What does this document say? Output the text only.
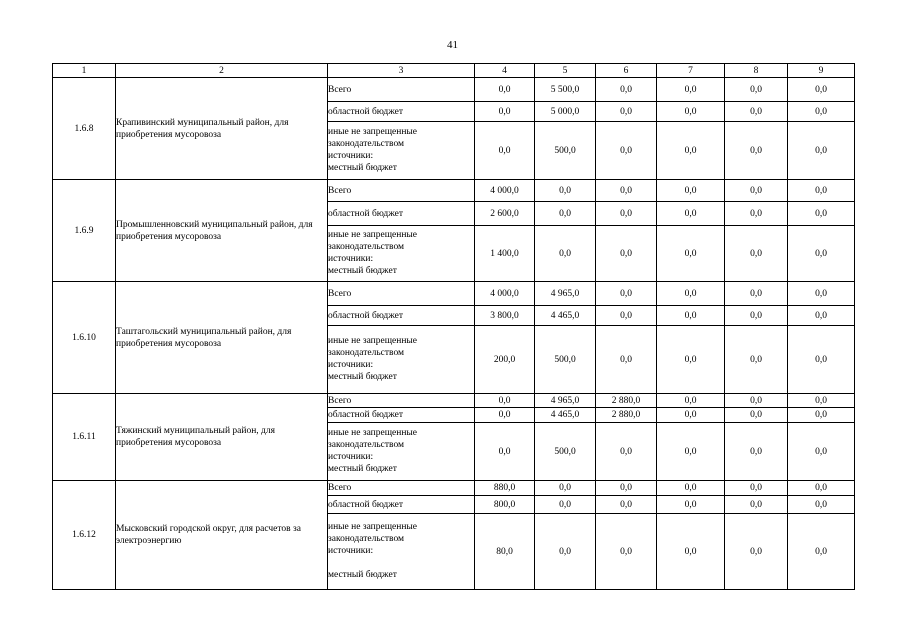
41
1	2	3	4	5	6	7	8	9
1.6.8	Крапивинский муниципальный район, для приобретения мусоровоза	Всего	0,0	5 500,0	0,0	0,0	0,0	0,0
		областной бюджет	0,0	5 000,0	0,0	0,0	0,0	0,0

		иные не запрещенные
законодательством
источники:
местный бюджет	0,0	500,0	0,0	0,0	0,0	0,0
1.6.9	Промышленновский муниципальный район, для приобретения мусоровоза	Всего	4 000,0	0,0	0,0	0,0	0,0	0,0
		областной бюджет	2 600,0	0,0	0,0	0,0	0,0	0,0

		иные не запрещенные
законодательством
источники:
местный бюджет	1 400,0	0,0	0,0	0,0	0,0	0,0
1.6.10	Таштагольский муниципальный район, для приобретения мусоровоза	Всего	4 000,0	4 965,0	0,0	0,0	0,0	0,0
		областной бюджет	3 800,0	4 465,0	0,0	0,0	0,0	0,0

		иные не запрещенные
законодательством
источники:
местный бюджет	200,0	500,0	0,0	0,0	0,0	0,0
1.6.11	Тяжинский муниципальный район, для приобретения мусоровоза	Всего	0,0	4 965,0	2 880,0	0,0	0,0	0,0
		областной бюджет	0,0	4 465,0	2 880,0	0,0	0,0	0,0

		иные не запрещенные
законодательством
источники:
местный бюджет	0,0	500,0	0,0	0,0	0,0	0,0
1.6.12	Мысковский городской округ, для расчетов за электроэнергию	Всего	880,0	0,0	0,0	0,0	0,0	0,0
		областной бюджет	800,0	0,0	0,0	0,0	0,0	0,0

		иные не запрещенные
законодательством
источники:

местный бюджет	80,0	0,0	0,0	0,0	0,0	0,0
